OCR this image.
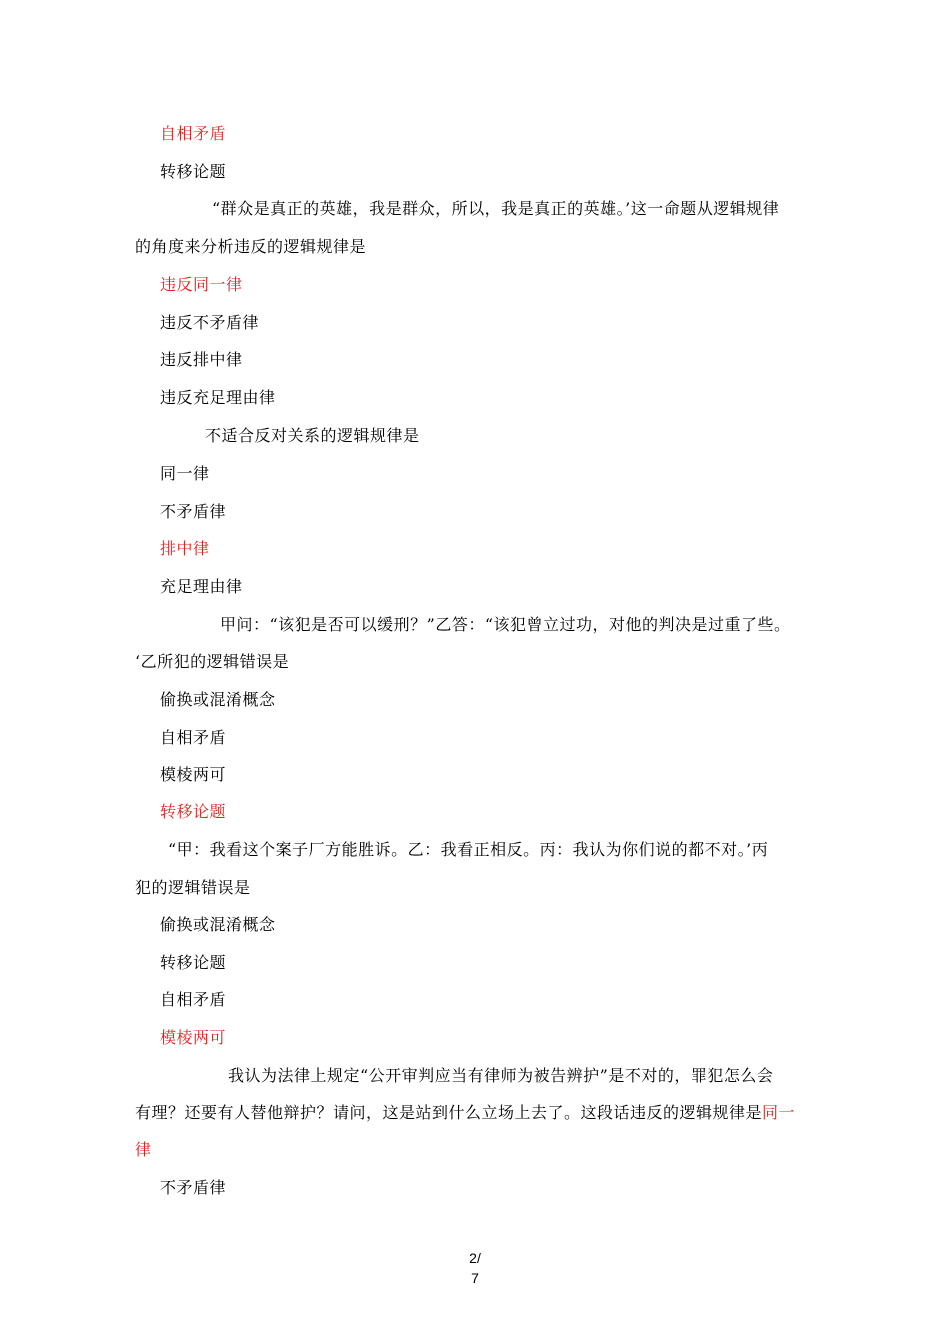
自相矛盾
转移论题
“群众是真正的英雄，我是群众，所以，我是真正的英雄。’这一命题从逻辑规律
的角度来分析违反的逻辑规律是
违反同一律
违反不矛盾律
违反排中律
违反充足理由律
不适合反对关系的逻辑规律是
同一律
不矛盾律
排中律
充足理由律
甲问：“该犯是否可以缓刑？”乙答：“该犯曾立过功，对他的判决是过重了些。
‘乙所犯的逻辑错误是
偷换或混淆概念
自相矛盾
模棱两可
转移论题
“甲：我看这个案子厂方能胜诉。乙：我看正相反。丙：我认为你们说的都不对。’丙
犯的逻辑错误是
偷换或混淆概念
转移论题
自相矛盾
模棱两可
我认为法律上规定“公开审判应当有律师为被告辨护”是不对的，罪犯怎么会
有理？还要有人替他辩护？请问，这是站到什么立场上去了。这段话违反的逻辑规律是同一
律
不矛盾律
2/
7
